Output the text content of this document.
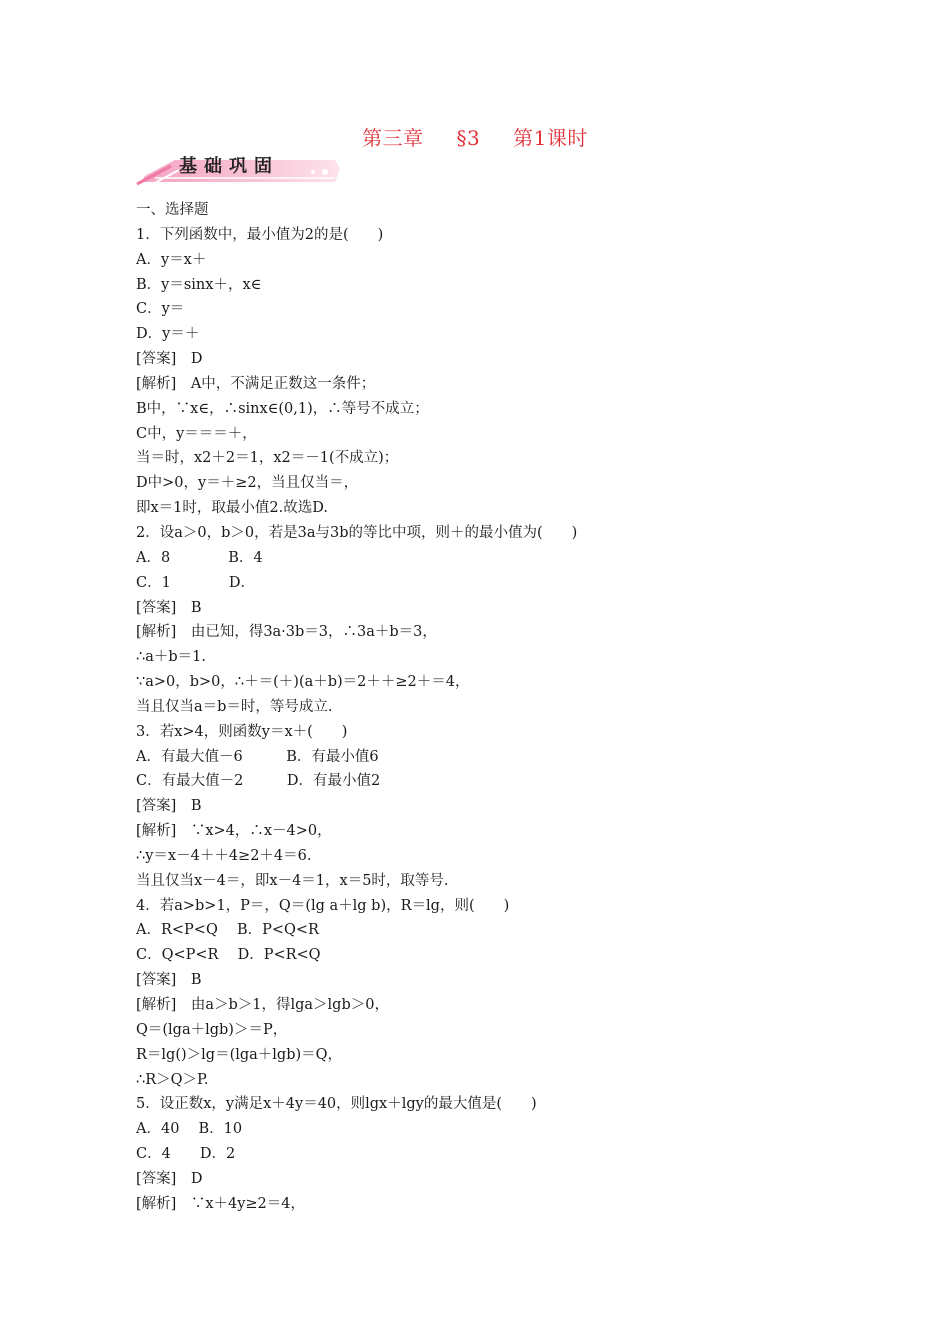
第三章 §3 第1课时
基础巩固
一、选择题
1．下列函数中，最小值为2的是(　　)
A．y＝x＋
B．y＝sinx＋，x∈
C．y＝
D．y＝＋
[答案]　D
[解析]　A中，不满足正数这一条件；
B中，∵x∈，∴sinx∈(0,1)，∴等号不成立；
C中，y＝＝＝＋，
当＝时，x2＋2＝1，x2＝－1(不成立)；
D中>0，y＝＋≥2，当且仅当＝，
即x＝1时，取最小值2.故选D.
2．设a＞0，b＞0，若是3a与3b的等比中项，则＋的最小值为(　　)
A．8　　　　B．4
C．1　　　　D．
[答案]　B
[解析]　由已知，得3a·3b＝3，∴3a＋b＝3，
∴a＋b＝1.
∵a>0，b>0，∴＋＝(＋)(a＋b)＝2＋＋≥2＋＝4，
当且仅当a＝b＝时，等号成立.
3．若x>4，则函数y＝x＋(　　)
A．有最大值－6　　　B．有最小值6
C．有最大值－2　　　D．有最小值2
[答案]　B
[解析]　∵x>4，∴x－4>0，
∴y＝x－4＋＋4≥2＋4＝6.
当且仅当x－4＝，即x－4＝1，x＝5时，取等号.
4．若a>b>1，P＝，Q＝(lg a＋lg b)，R＝lg，则(　　)
A．R<P<Q　 B．P<Q<R
C．Q<P<R　 D．P<R<Q
[答案]　B
[解析]　由a＞b＞1，得lga＞lgb＞0，
Q＝(lga＋lgb)＞＝P，
R＝lg()＞lg＝(lga＋lgb)＝Q，
∴R＞Q＞P.
5．设正数x，y满足x＋4y＝40，则lgx＋lgy的最大值是(　　)
A．40　 B．10
C．4　　D．2
[答案]　D
[解析]　∵x＋4y≥2＝4，
